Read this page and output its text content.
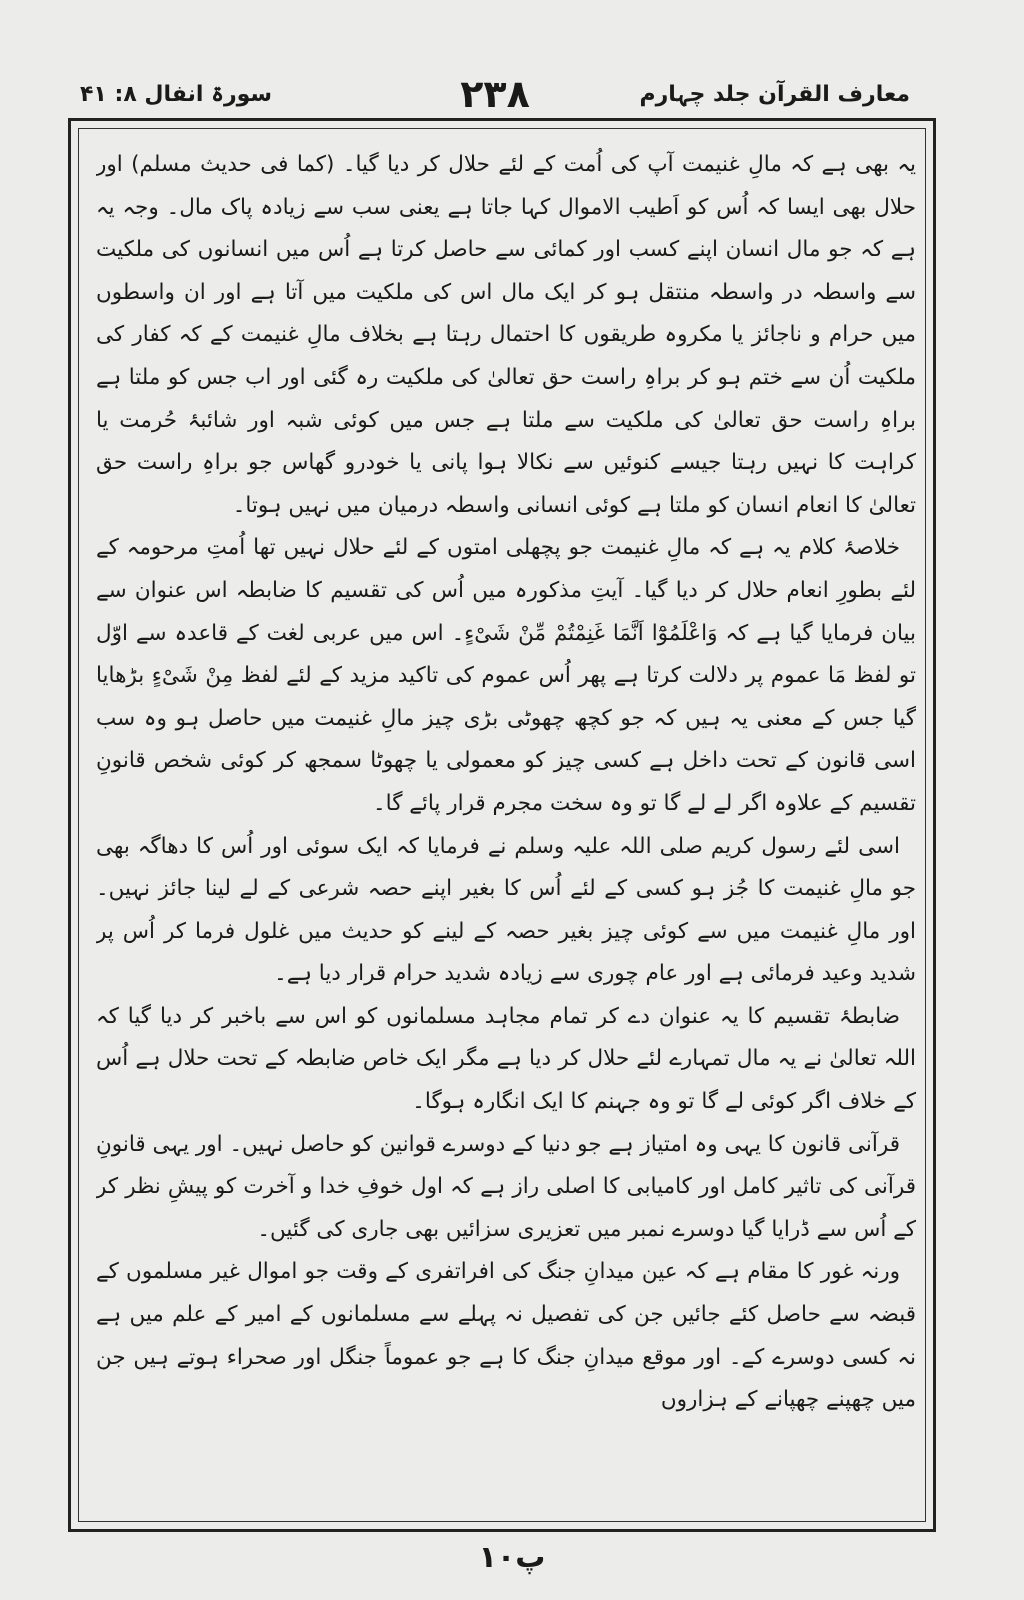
معارف القرآن جلد چہارم
۲۳۸
سورۃ انفال ۸: ۴۱

یہ بھی ہے کہ مالِ غنیمت آپ کی اُمت کے لئے حلال کر دیا گیا۔ (کما فی حدیث مسلم) اور حلال بھی ایسا کہ اُس کو اَطیب الاموال کہا جاتا ہے یعنی سب سے زیادہ پاک مال۔ وجہ یہ ہے کہ جو مال انسان اپنے کسب اور کمائی سے حاصل کرتا ہے اُس میں انسانوں کی ملکیت سے واسطہ در واسطہ منتقل ہو کر ایک مال اس کی ملکیت میں آتا ہے اور ان واسطوں میں حرام و ناجائز یا مکروہ طریقوں کا احتمال رہتا ہے بخلاف مالِ غنیمت کے کہ کفار کی ملکیت اُن سے ختم ہو کر براہِ راست حق تعالیٰ کی ملکیت رہ گئی اور اب جس کو ملتا ہے براہِ راست حق تعالیٰ کی ملکیت سے ملتا ہے جس میں کوئی شبہ اور شائبۂ حُرمت یا کراہت کا نہیں رہتا جیسے کنوئیں سے نکالا ہوا پانی یا خودرو گھاس جو براہِ راست حق تعالیٰ کا انعام انسان کو ملتا ہے کوئی انسانی واسطہ درمیان میں نہیں ہوتا۔

خلاصۂ کلام یہ ہے کہ مالِ غنیمت جو پچھلی امتوں کے لئے حلال نہیں تھا اُمتِ مرحومہ کے لئے بطورِ انعام حلال کر دیا گیا۔ آیتِ مذکورہ میں اُس کی تقسیم کا ضابطہ اس عنوان سے بیان فرمایا گیا ہے کہ وَاعْلَمُوْٓا اَنَّمَا غَنِمْتُمْ مِّنْ شَیْءٍ۔ اس میں عربی لغت کے قاعدہ سے اوّل تو لفظ مَا عموم پر دلالت کرتا ہے پھر اُس عموم کی تاکید مزید کے لئے لفظ مِنْ شَیْءٍ بڑھایا گیا جس کے معنی یہ ہیں کہ جو کچھ چھوٹی بڑی چیز مالِ غنیمت میں حاصل ہو وہ سب اسی قانون کے تحت داخل ہے کسی چیز کو معمولی یا چھوٹا سمجھ کر کوئی شخص قانونِ تقسیم کے علاوہ اگر لے لے گا تو وہ سخت مجرم قرار پائے گا۔

اسی لئے رسول کریم صلی اللہ علیہ وسلم نے فرمایا کہ ایک سوئی اور اُس کا دھاگہ بھی جو مالِ غنیمت کا جُز ہو کسی کے لئے اُس کا بغیر اپنے حصہ شرعی کے لے لینا جائز نہیں۔ اور مالِ غنیمت میں سے کوئی چیز بغیر حصہ کے لینے کو حدیث میں غلول فرما کر اُس پر شدید وعید فرمائی ہے اور عام چوری سے زیادہ شدید حرام قرار دیا ہے۔

ضابطۂ تقسیم کا یہ عنوان دے کر تمام مجاہد مسلمانوں کو اس سے باخبر کر دیا گیا کہ اللہ تعالیٰ نے یہ مال تمہارے لئے حلال کر دیا ہے مگر ایک خاص ضابطہ کے تحت حلال ہے اُس کے خلاف اگر کوئی لے گا تو وہ جہنم کا ایک انگارہ ہوگا۔

قرآنی قانون کا یہی وہ امتیاز ہے جو دنیا کے دوسرے قوانین کو حاصل نہیں۔ اور یہی قانونِ قرآنی کی تاثیر کامل اور کامیابی کا اصلی راز ہے کہ اول خوفِ خدا و آخرت کو پیشِ نظر کر کے اُس سے ڈرایا گیا دوسرے نمبر میں تعزیری سزائیں بھی جاری کی گئیں۔

ورنہ غور کا مقام ہے کہ عین میدانِ جنگ کی افراتفری کے وقت جو اموال غیر مسلموں کے قبضہ سے حاصل کئے جائیں جن کی تفصیل نہ پہلے سے مسلمانوں کے امیر کے علم میں ہے نہ کسی دوسرے کے۔ اور موقع میدانِ جنگ کا ہے جو عموماً جنگل اور صحراء ہوتے ہیں جن میں چھپنے چھپانے کے ہزاروں

۱۰پ
